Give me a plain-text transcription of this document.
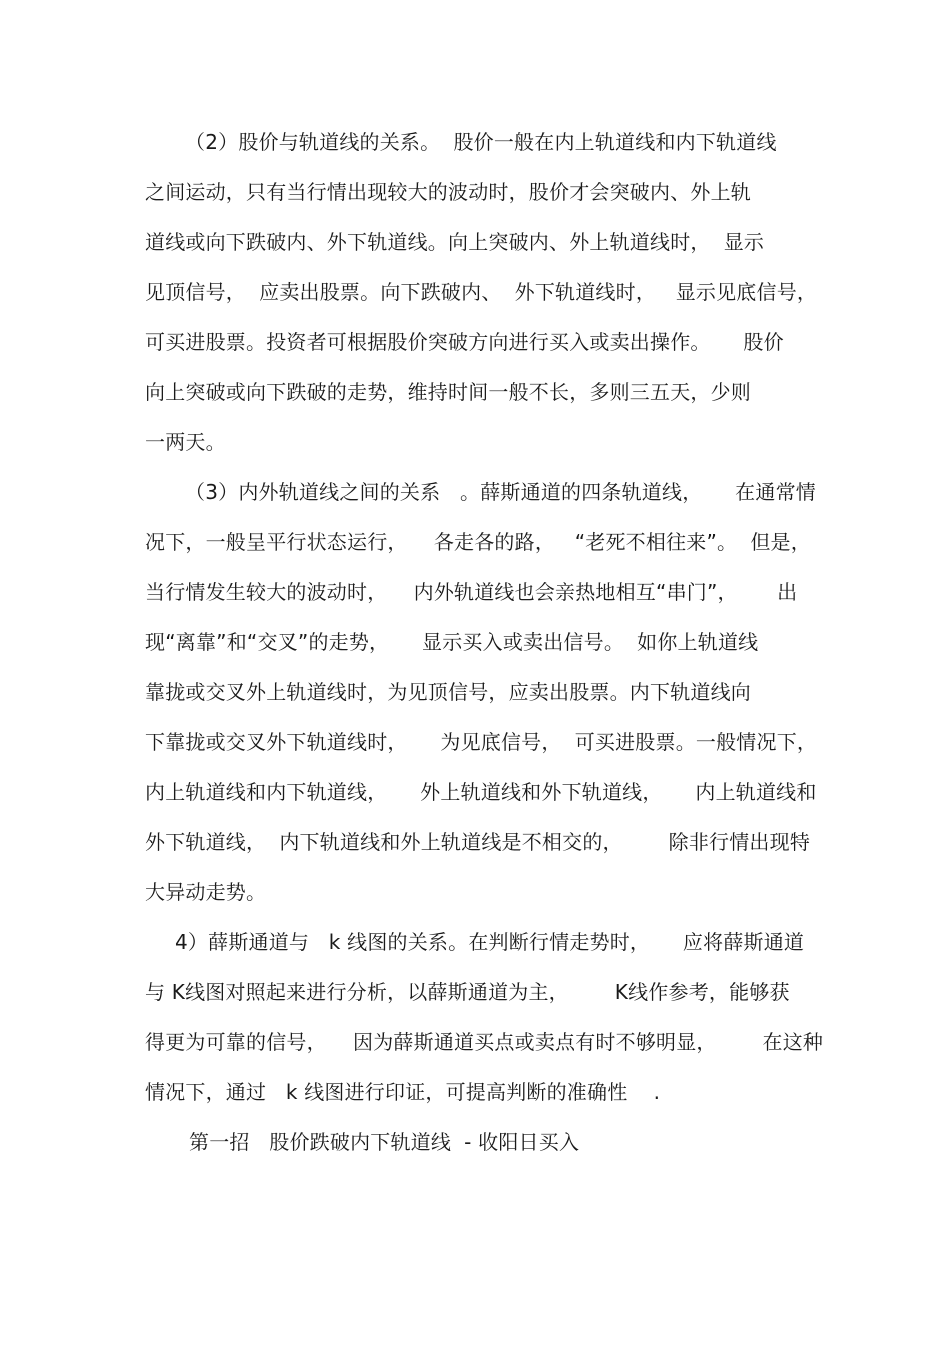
（2）股价与轨道线的关系。  股价一般在内上轨道线和内下轨道线
之间运动，只有当行情出现较大的波动时，股价才会突破内、外上轨
道线或向下跌破内、外下轨道线。向上突破内、外上轨道线时，  显示
见顶信号，  应卖出股票。向下跌破内、  外下轨道线时，   显示见底信号，
可买进股票。投资者可根据股价突破方向进行买入或卖出操作。     股价
向上突破或向下跌破的走势，维持时间一般不长，多则三五天，少则
一两天。
（3）内外轨道线之间的关系   。薛斯通道的四条轨道线，     在通常情
况下，一般呈平行状态运行，    各走各的路，   “老死不相往来”。  但是，
当行情发生较大的波动时，    内外轨道线也会亲热地相互“串门”，      出
现“离靠”和“交叉”的走势，     显示买入或卖出信号。  如你上轨道线
靠拢或交叉外上轨道线时，为见顶信号，应卖出股票。内下轨道线向
下靠拢或交叉外下轨道线时，     为见底信号，  可买进股票。一般情况下，
内上轨道线和内下轨道线，     外上轨道线和外下轨道线，     内上轨道线和
外下轨道线，  内下轨道线和外上轨道线是不相交的，       除非行情出现特
大异动走势。
4）薛斯通道与   k 线图的关系。在判断行情走势时，     应将薛斯通道
与 K线图对照起来进行分析，以薛斯通道为主，       K线作参考，能够获
得更为可靠的信号，    因为薛斯通道买点或卖点有时不够明显，       在这种
情况下，通过   k 线图进行印证，可提高判断的准确性    .
第一招   股价跌破内下轨道线  - 收阳日买入
